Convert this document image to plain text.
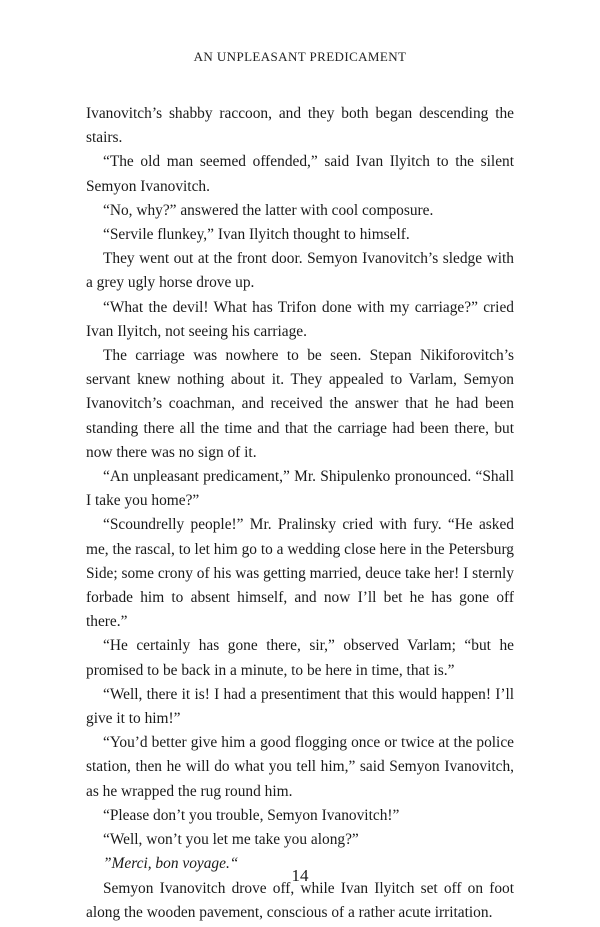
AN UNPLEASANT PREDICAMENT

Ivanovitch’s shabby raccoon, and they both began descending the stairs.

“The old man seemed offended,” said Ivan Ilyitch to the silent Semyon Ivanovitch.

“No, why?” answered the latter with cool composure.

“Servile flunkey,” Ivan Ilyitch thought to himself.

They went out at the front door. Semyon Ivanovitch’s sledge with a grey ugly horse drove up.

“What the devil! What has Trifon done with my carriage?” cried Ivan Ilyitch, not seeing his carriage.

The carriage was nowhere to be seen. Stepan Nikiforovitch’s servant knew nothing about it. They appealed to Varlam, Semyon Ivanovitch’s coachman, and received the answer that he had been standing there all the time and that the carriage had been there, but now there was no sign of it.

“An unpleasant predicament,” Mr. Shipulenko pronounced. “Shall I take you home?”

“Scoundrelly people!” Mr. Pralinsky cried with fury. “He asked me, the rascal, to let him go to a wedding close here in the Petersburg Side; some crony of his was getting married, deuce take her! I sternly forbade him to absent himself, and now I’ll bet he has gone off there.”

“He certainly has gone there, sir,” observed Varlam; “but he promised to be back in a minute, to be here in time, that is.”

“Well, there it is! I had a presentiment that this would happen! I’ll give it to him!”

“You’d better give him a good flogging once or twice at the police station, then he will do what you tell him,” said Semyon Ivanovitch, as he wrapped the rug round him.

“Please don’t you trouble, Semyon Ivanovitch!”

“Well, won’t you let me take you along?”

”Merci, bon voyage.“

Semyon Ivanovitch drove off, while Ivan Ilyitch set off on foot along the wooden pavement, conscious of a rather acute irritation.

14
